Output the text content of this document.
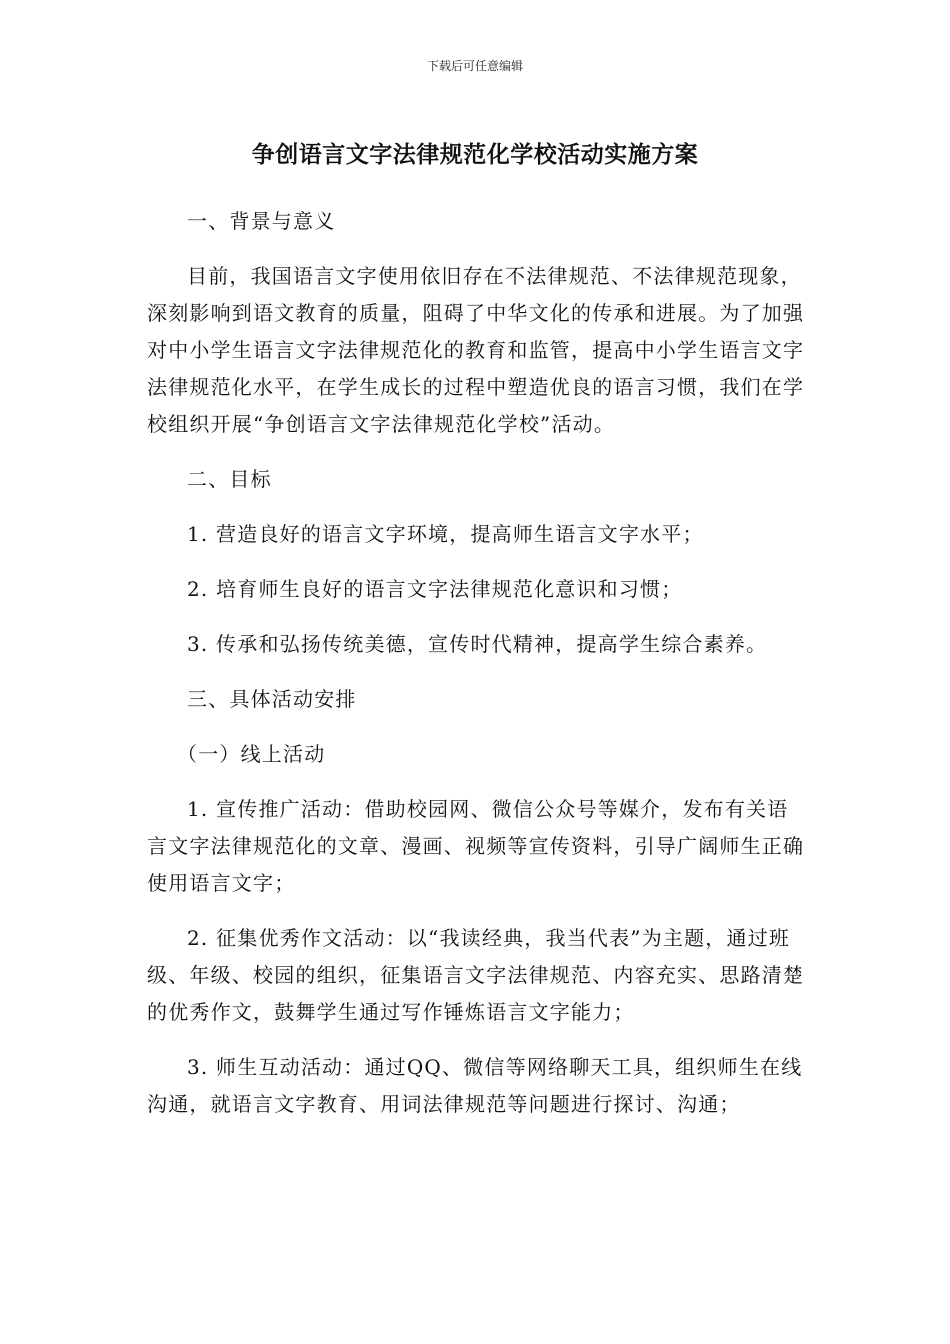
下载后可任意编辑
争创语言文字法律规范化学校活动实施方案

一、背景与意义

目前，我国语言文字使用依旧存在不法律规范、不法律规范现象，深刻影响到语文教育的质量，阻碍了中华文化的传承和进展。为了加强对中小学生语言文字法律规范化的教育和监管，提高中小学生语言文字法律规范化水平，在学生成长的过程中塑造优良的语言习惯，我们在学校组织开展“争创语言文字法律规范化学校”活动。

二、目标

1. 营造良好的语言文字环境，提高师生语言文字水平；

2. 培育师生良好的语言文字法律规范化意识和习惯；

3. 传承和弘扬传统美德，宣传时代精神，提高学生综合素养。

三、具体活动安排

（一）线上活动

1. 宣传推广活动：借助校园网、微信公众号等媒介，发布有关语言文字法律规范化的文章、漫画、视频等宣传资料，引导广阔师生正确使用语言文字；

2. 征集优秀作文活动：以“我读经典，我当代表”为主题，通过班级、年级、校园的组织，征集语言文字法律规范、内容充实、思路清楚的优秀作文，鼓舞学生通过写作锤炼语言文字能力；

3. 师生互动活动：通过QQ、微信等网络聊天工具，组织师生在线沟通，就语言文字教育、用词法律规范等问题进行探讨、沟通；
